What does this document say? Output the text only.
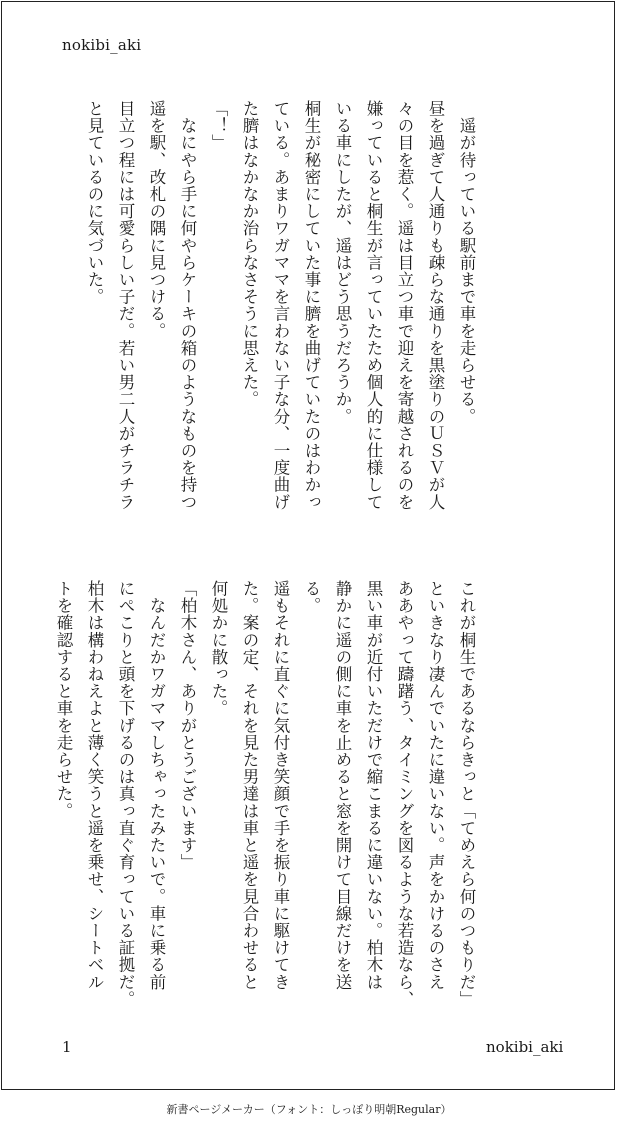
nokibi_aki
　遥が待っている駅前まで車を走らせる。
昼を過ぎて人通りも疎らな通りを黒塗りのＵＳＶが人
々の目を惹く。遥は目立つ車で迎えを寄越されるのを
嫌っていると桐生が言っていたため個人的に仕様して
いる車にしたが、遥はどう思うだろうか。
桐生が秘密にしていた事に臍を曲げていたのはわかっ
ている。あまりワガママを言わない子な分、一度曲げ
た臍はなかなか治らなさそうに思えた。
「！」
　なにやら手に何やらケーキの箱のようなものを持つ
遥を駅、改札の隅に見つける。
目立つ程には可愛らしい子だ。若い男二人がチラチラ
と見ているのに気づいた。
これが桐生であるならきっと「てめえら何のつもりだ」
といきなり凄んでいたに違いない。声をかけるのさえ
ああやって躊躇う、タイミングを図るような若造なら、
黒い車が近付いただけで縮こまるに違いない。柏木は
静かに遥の側に車を止めると窓を開けて目線だけを送
る。
遥もそれに直ぐに気付き笑顔で手を振り車に駆けてき
た。案の定、それを見た男達は車と遥を見合わせると
何処かに散った。
「柏木さん、ありがとうございます」
　なんだかワガママしちゃったみたいで。車に乗る前
にぺこりと頭を下げるのは真っ直ぐ育っている証拠だ。
柏木は構わねえよと薄く笑うと遥を乗せ、シートベル
トを確認すると車を走らせた。
1	nokibi_aki
新書ページメーカー（フォント：しっぽり明朝Regular）
